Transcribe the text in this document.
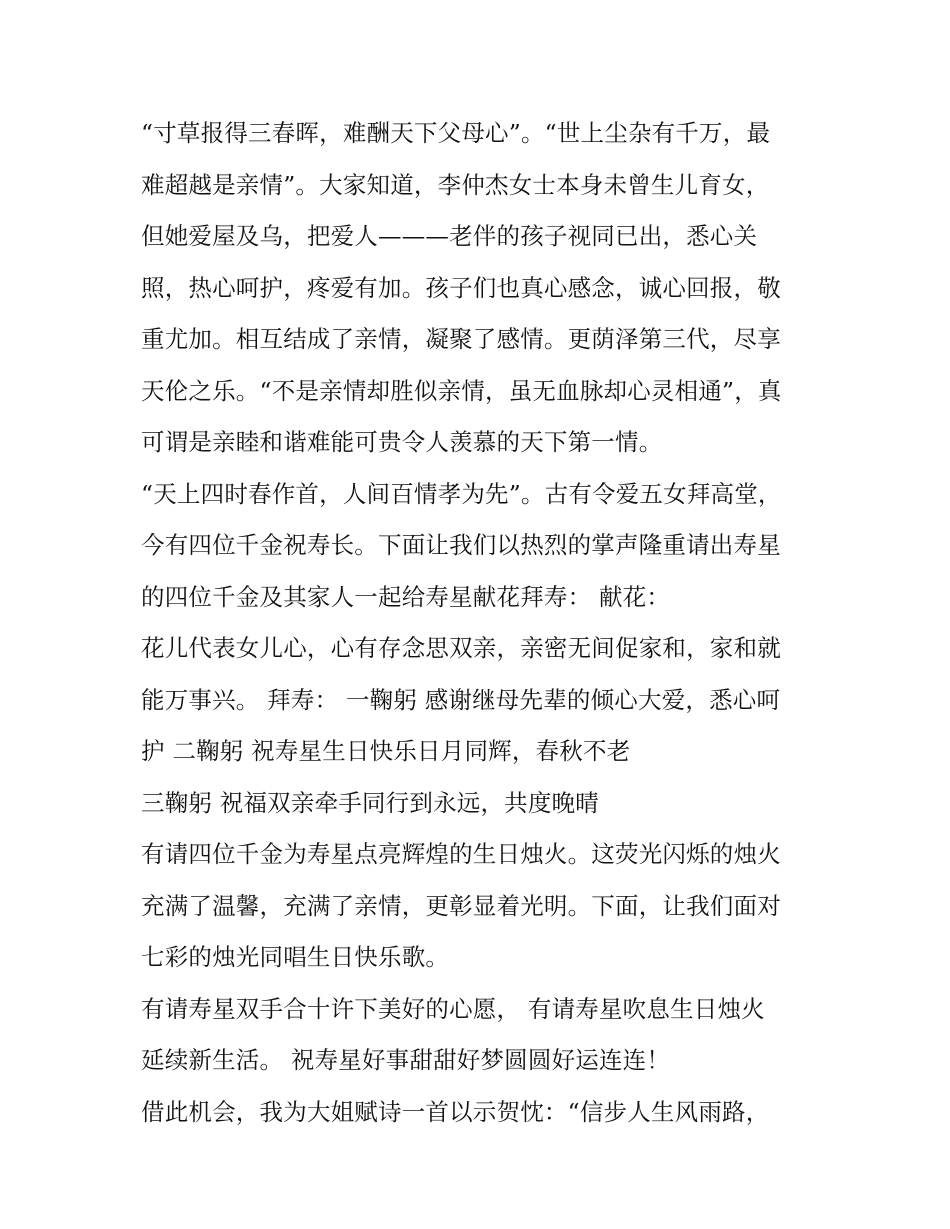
“寸草报得三春晖，难酬天下父母心”。“世上尘杂有千万，最
难超越是亲情”。大家知道，李仲杰女士本身未曾生儿育女，
但她爱屋及乌，把爱人———老伴的孩子视同已出，悉心关
照，热心呵护，疼爱有加。孩子们也真心感念，诚心回报，敬
重尤加。相互结成了亲情，凝聚了感情。更荫泽第三代，尽享
天伦之乐。“不是亲情却胜似亲情，虽无血脉却心灵相通”，真
可谓是亲睦和谐难能可贵令人羡慕的天下第一情。
“天上四时春作首，人间百情孝为先”。古有令爱五女拜高堂，
今有四位千金祝寿长。下面让我们以热烈的掌声隆重请出寿星
的四位千金及其家人一起给寿星献花拜寿： 献花：
花儿代表女儿心，心有存念思双亲，亲密无间促家和，家和就
能万事兴。 拜寿： 一鞠躬 感谢继母先辈的倾心大爱，悉心呵
护 二鞠躬 祝寿星生日快乐日月同辉，春秋不老
三鞠躬 祝福双亲牵手同行到永远，共度晚晴
有请四位千金为寿星点亮辉煌的生日烛火。这荧光闪烁的烛火
充满了温馨，充满了亲情，更彰显着光明。下面，让我们面对
七彩的烛光同唱生日快乐歌。
有请寿星双手合十许下美好的心愿， 有请寿星吹息生日烛火
延续新生活。 祝寿星好事甜甜好梦圆圆好运连连！
借此机会，我为大姐赋诗一首以示贺忱：“信步人生风雨路，
